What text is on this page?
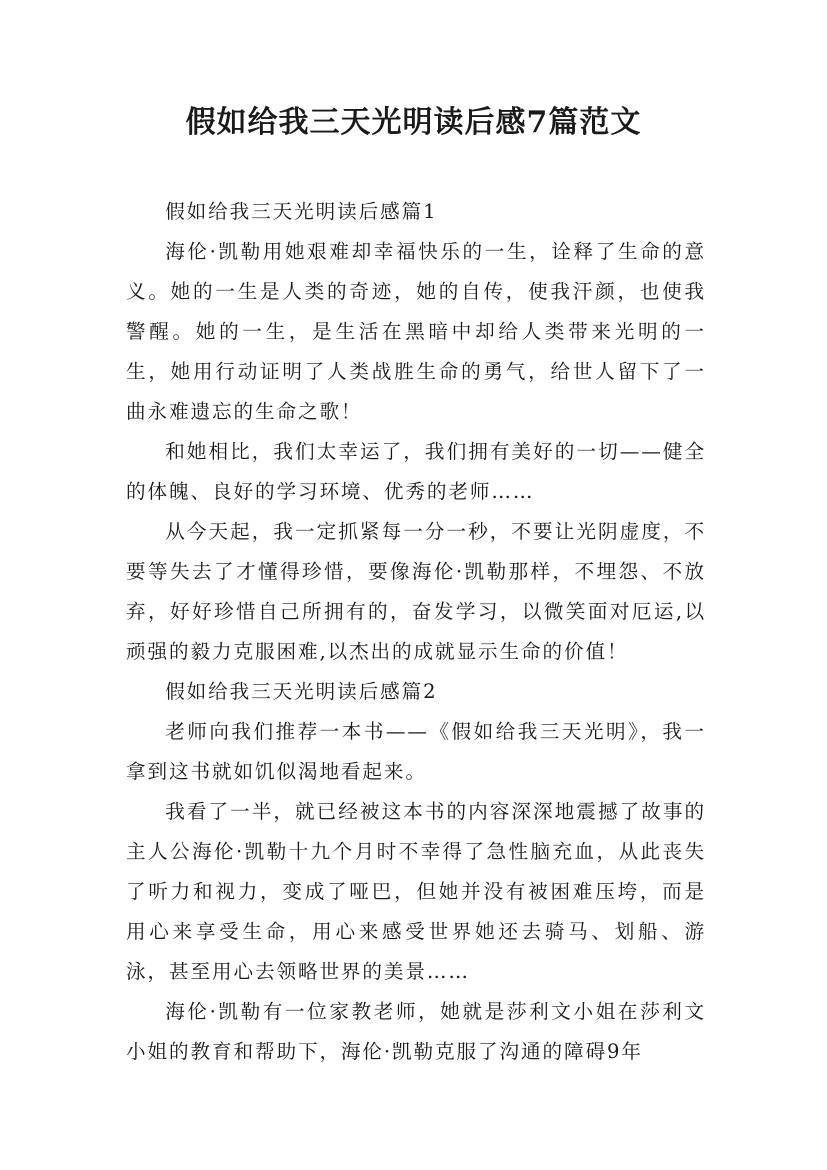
假如给我三天光明读后感7篇范文

假如给我三天光明读后感篇1

海伦·凯勒用她艰难却幸福快乐的一生，诠释了生命的意义。她的一生是人类的奇迹，她的自传，使我汗颜，也使我警醒。她的一生，是生活在黑暗中却给人类带来光明的一生，她用行动证明了人类战胜生命的勇气，给世人留下了一曲永难遗忘的生命之歌！

和她相比，我们太幸运了，我们拥有美好的一切——健全的体魄、良好的学习环境、优秀的老师……

从今天起，我一定抓紧每一分一秒，不要让光阴虚度，不要等失去了才懂得珍惜，要像海伦·凯勒那样，不埋怨、不放弃，好好珍惜自己所拥有的，奋发学习，以微笑面对厄运,以顽强的毅力克服困难,以杰出的成就显示生命的价值！

假如给我三天光明读后感篇2

老师向我们推荐一本书——《假如给我三天光明》，我一拿到这书就如饥似渴地看起来。

我看了一半，就已经被这本书的内容深深地震撼了故事的主人公海伦·凯勒十九个月时不幸得了急性脑充血，从此丧失了听力和视力，变成了哑巴，但她并没有被困难压垮，而是用心来享受生命，用心来感受世界她还去骑马、划船、游泳，甚至用心去领略世界的美景……

海伦·凯勒有一位家教老师，她就是莎利文小姐在莎利文小姐的教育和帮助下，海伦·凯勒克服了沟通的障碍9年
